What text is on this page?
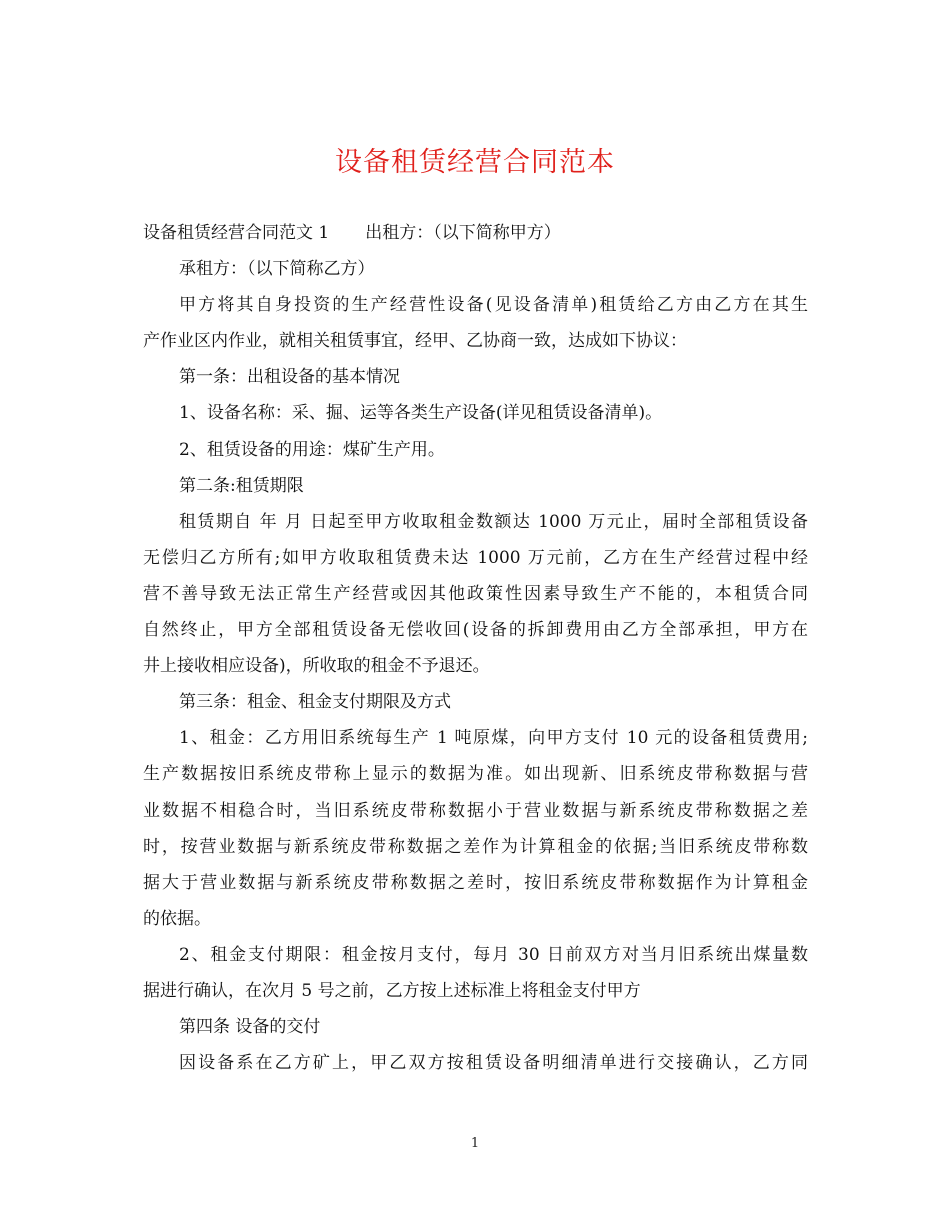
设备租赁经营合同范本
设备租赁经营合同范文 1 出租方：（以下简称甲方）
承租方：（以下简称乙方）
甲方将其自身投资的生产经营性设备(见设备清单)租赁给乙方由乙方在其生
产作业区内作业，就相关租赁事宜，经甲、乙协商一致，达成如下协议：
第一条：出租设备的基本情况
1、设备名称：采、掘、运等各类生产设备(详见租赁设备清单)。
2、租赁设备的用途：煤矿生产用。
第二条:租赁期限
租赁期自 年 月 日起至甲方收取租金数额达 1000 万元止，届时全部租赁设备
无偿归乙方所有;如甲方收取租赁费未达 1000 万元前，乙方在生产经营过程中经
营不善导致无法正常生产经营或因其他政策性因素导致生产不能的，本租赁合同
自然终止，甲方全部租赁设备无偿收回(设备的拆卸费用由乙方全部承担，甲方在
井上接收相应设备)，所收取的租金不予退还。
第三条：租金、租金支付期限及方式
1、租金：乙方用旧系统每生产 1 吨原煤，向甲方支付 10 元的设备租赁费用;
生产数据按旧系统皮带称上显示的数据为准。如出现新、旧系统皮带称数据与营
业数据不相稳合时，当旧系统皮带称数据小于营业数据与新系统皮带称数据之差
时，按营业数据与新系统皮带称数据之差作为计算租金的依据;当旧系统皮带称数
据大于营业数据与新系统皮带称数据之差时，按旧系统皮带称数据作为计算租金
的依据。
2、租金支付期限：租金按月支付，每月 30 日前双方对当月旧系统出煤量数
据进行确认，在次月 5 号之前，乙方按上述标准上将租金支付甲方
第四条 设备的交付
因设备系在乙方矿上，甲乙双方按租赁设备明细清单进行交接确认，乙方同
1
